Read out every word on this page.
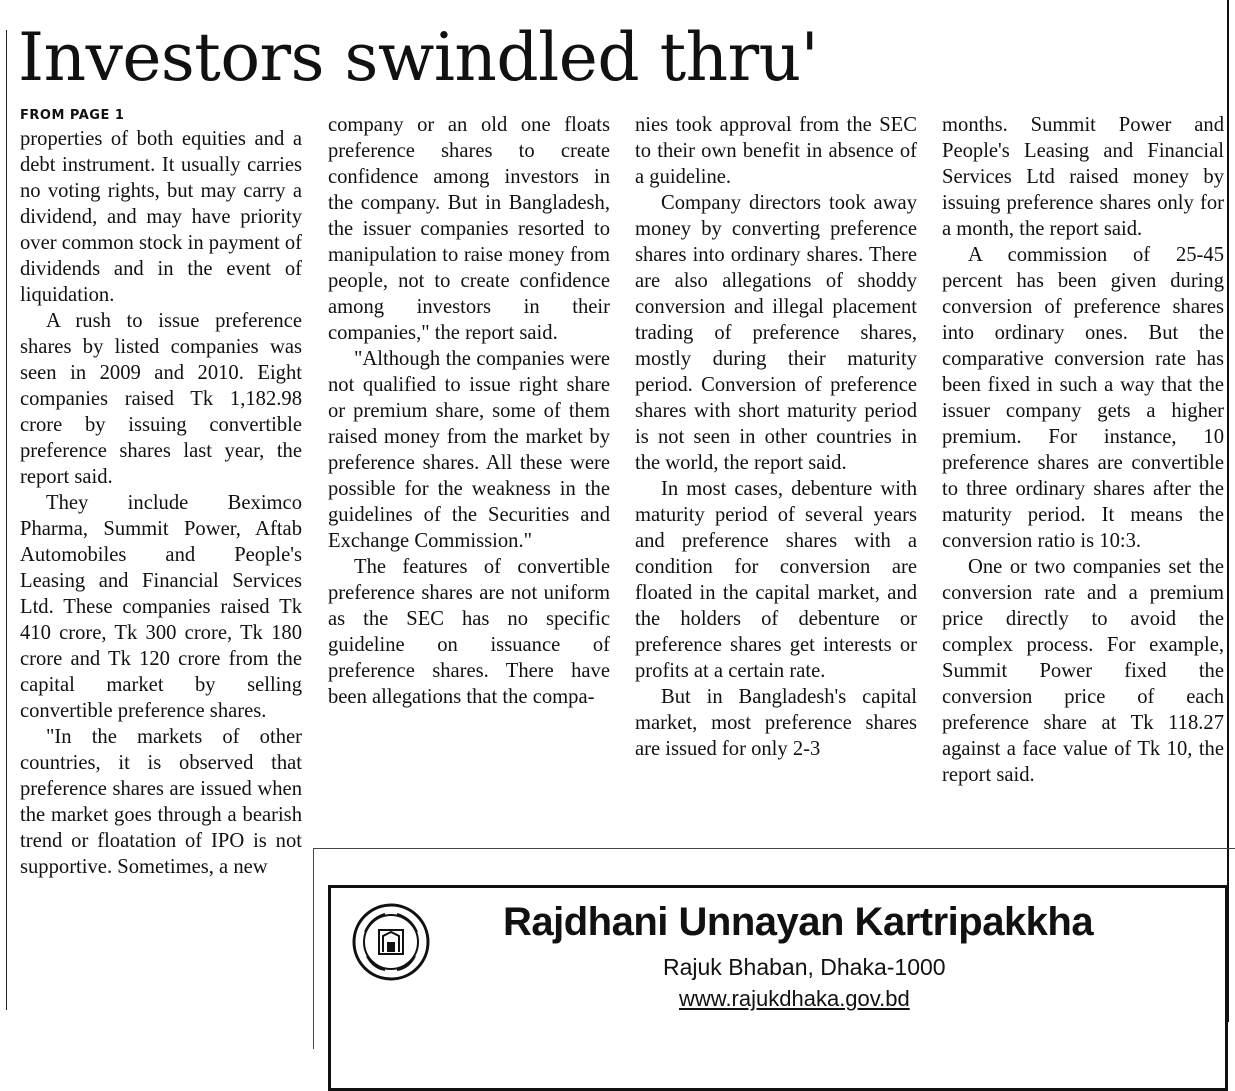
Investors swindled thru'
FROM PAGE 1

properties of both equities and a debt instrument. It usually carries no voting rights, but may carry a dividend, and may have priority over common stock in payment of dividends and in the event of liquidation.

A rush to issue preference shares by listed companies was seen in 2009 and 2010. Eight companies raised Tk 1,182.98 crore by issuing convertible preference shares last year, the report said.

They include Beximco Pharma, Summit Power, Aftab Automobiles and People's Leasing and Financial Services Ltd. These companies raised Tk 410 crore, Tk 300 crore, Tk 180 crore and Tk 120 crore from the capital market by selling convertible preference shares.

"In the markets of other countries, it is observed that preference shares are issued when the market goes through a bearish trend or floatation of IPO is not supportive. Sometimes, a new

company or an old one floats preference shares to create confidence among investors in the company. But in Bangladesh, the issuer companies resorted to manipulation to raise money from people, not to create confidence among investors in their companies," the report said.

"Although the companies were not qualified to issue right share or premium share, some of them raised money from the market by preference shares. All these were possible for the weakness in the guidelines of the Securities and Exchange Commission."

The features of convertible preference shares are not uniform as the SEC has no specific guideline on issuance of preference shares. There have been allegations that the compa-

nies took approval from the SEC to their own benefit in absence of a guideline.

Company directors took away money by converting preference shares into ordinary shares. There are also allegations of shoddy conversion and illegal placement trading of preference shares, mostly during their maturity period. Conversion of preference shares with short maturity period is not seen in other countries in the world, the report said.

In most cases, debenture with maturity period of several years and preference shares with a condition for conversion are floated in the capital market, and the holders of debenture or preference shares get interests or profits at a certain rate.

But in Bangladesh's capital market, most preference shares are issued for only 2-3

months. Summit Power and People's Leasing and Financial Services Ltd raised money by issuing preference shares only for a month, the report said.

A commission of 25-45 percent has been given during conversion of preference shares into ordinary ones. But the comparative conversion rate has been fixed in such a way that the issuer company gets a higher premium. For instance, 10 preference shares are convertible to three ordinary shares after the maturity period. It means the conversion ratio is 10:3.

One or two companies set the conversion rate and a premium price directly to avoid the complex process. For example, Summit Power fixed the conversion price of each preference share at Tk 118.27 against a face value of Tk 10, the report said.

Rajdhani Unnayan Kartripakkha
Rajuk Bhaban, Dhaka-1000
www.rajukdhaka.gov.bd
